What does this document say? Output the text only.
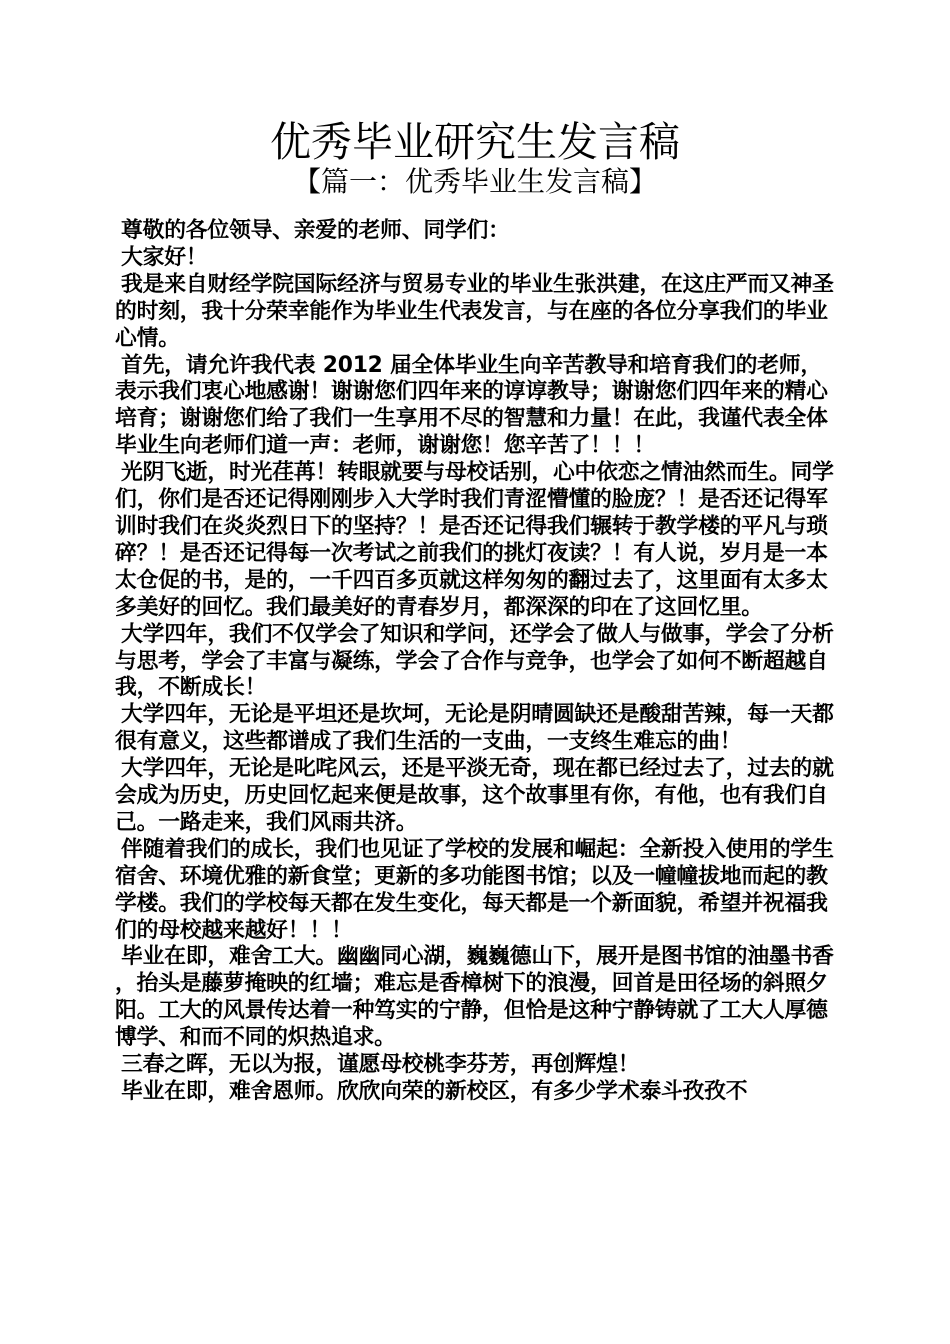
优秀毕业研究生发言稿
【篇一：优秀毕业生发言稿】

尊敬的各位领导、亲爱的老师、同学们：

大家好！

我是来自财经学院国际经济与贸易专业的毕业生张洪建，在这庄严而又神圣的时刻，我十分荣幸能作为毕业生代表发言，与在座的各位分享我们的毕业心情。

首先，请允许我代表 2012 届全体毕业生向辛苦教导和培育我们的老师，表示我们衷心地感谢！谢谢您们四年来的谆谆教导；谢谢您们四年来的精心培育；谢谢您们给了我们一生享用不尽的智慧和力量！在此，我谨代表全体毕业生向老师们道一声：老师，谢谢您！您辛苦了！！！

光阴飞逝，时光荏苒！转眼就要与母校话别，心中依恋之情油然而生。同学们，你们是否还记得刚刚步入大学时我们青涩懵懂的脸庞？！是否还记得军训时我们在炎炎烈日下的坚持？！是否还记得我们辗转于教学楼的平凡与琐碎？！是否还记得每一次考试之前我们的挑灯夜读？！有人说，岁月是一本太仓促的书，是的，一千四百多页就这样匆匆的翻过去了，这里面有太多太多美好的回忆。我们最美好的青春岁月，都深深的印在了这回忆里。

大学四年，我们不仅学会了知识和学问，还学会了做人与做事，学会了分析与思考，学会了丰富与凝练，学会了合作与竞争，也学会了如何不断超越自我，不断成长！

大学四年，无论是平坦还是坎坷，无论是阴晴圆缺还是酸甜苦辣，每一天都很有意义，这些都谱成了我们生活的一支曲，一支终生难忘的曲！

大学四年，无论是叱咤风云，还是平淡无奇，现在都已经过去了，过去的就会成为历史，历史回忆起来便是故事，这个故事里有你，有他，也有我们自己。一路走来，我们风雨共济。

伴随着我们的成长，我们也见证了学校的发展和崛起：全新投入使用的学生宿舍、环境优雅的新食堂；更新的多功能图书馆；以及一幢幢拔地而起的教学楼。我们的学校每天都在发生变化，每天都是一个新面貌，希望并祝福我们的母校越来越好！！！

毕业在即，难舍工大。幽幽同心湖，巍巍德山下，展开是图书馆的油墨书香，抬头是藤萝掩映的红墙；难忘是香樟树下的浪漫，回首是田径场的斜照夕阳。工大的风景传达着一种笃实的宁静，但恰是这种宁静铸就了工大人厚德博学、和而不同的炽热追求。

三春之晖，无以为报，谨愿母校桃李芬芳，再创辉煌！

毕业在即，难舍恩师。欣欣向荣的新校区，有多少学术泰斗孜孜不
